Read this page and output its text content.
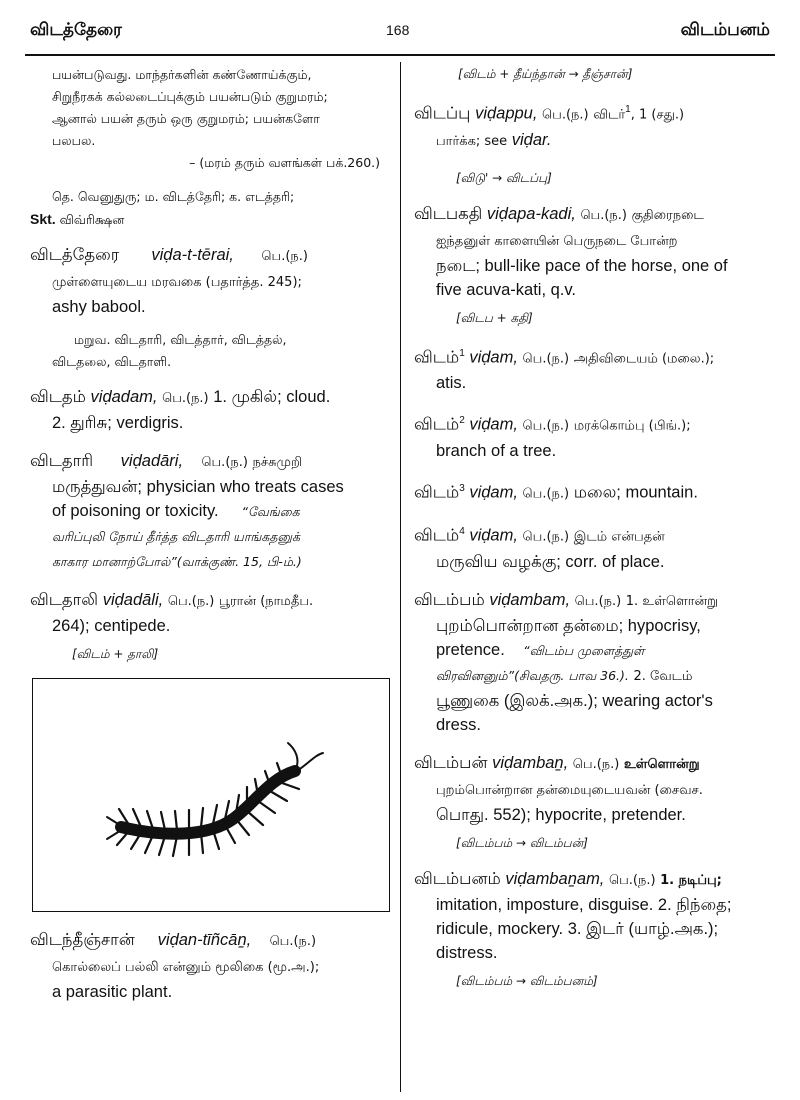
விடத்தேரை	168	விடம்பனம்
பயன்படுவது. மாந்தர்களின் கண்ணோய்க்கும்,
சிறுநீரகக் கல்லடைப்புக்கும் பயன்படும் குறுமரம்;
ஆனால் பயன் தரும் ஒரு குறுமரம்; பயன்களோ
பலபல.
– (மரம் தரும் வளங்கள் பக்.260.)
தெ. வெனுதுரு; ம. விடத்தேரி; க. எடத்தரி;
Skt. விவ்ரிக்ஷன
விடத்தேரை viḍa-t-tērai, பெ.(ந.)
முள்ளையுடைய மரவகை (பதார்த்த. 245);
ashy babool.
மறுவ. விடதாரி, விடத்தார், விடத்தல்,
விடதலை, விடதாளி.
விடதம் viḍadam, பெ.(ந.) 1. முகில்; cloud.
2. துரிசு; verdigris.
விடதாரி viḍadāri, பெ.(ந.) நச்சுமுறி
மருத்துவன்; physician who treats cases
of poisoning or toxicity. “வேங்கை
வரிப்புலி நோய் தீர்த்த விடதாரி யாங்கதனுக்
காகார மானாற்போல்”(வாக்குண். 15, பி-ம்.)
விடதாலி viḍadāli, பெ.(ந.) பூரான் (நாமதீப.
264); centipede.
[விடம் + தாலி]
விடந்தீஞ்சான் viḍan-tīñcāṉ, பெ.(ந.)
கொல்லைப் பல்லி என்னும் மூலிகை (மூ.அ.);
a parasitic plant.
[விடம் + தீய்ந்தான் → தீஞ்சான்]
விடப்பு viḍappu, பெ.(ந.) விடர்$^1$, 1 (சது.)
பார்க்க; see viḍar.
[விடு' → விடப்பு]
விடபகதி viḍapa-kadi, பெ.(ந.) குதிரைநடை
ஐந்தனுள் காளையின் பெருநடை போன்ற
நடை; bull-like pace of the horse, one of
five acuva-kati, q.v.
[விடப + கதி]
விடம்$^1$ viḍam, பெ.(ந.) அதிவிடையம் (மலை.);
atis.
விடம்$^2$ viḍam, பெ.(ந.) மரக்கொம்பு (பிங்.);
branch of a tree.
விடம்$^3$ viḍam, பெ.(ந.) மலை; mountain.
விடம்$^4$ viḍam, பெ.(ந.) இடம் என்பதன்
மருவிய வழக்கு; corr. of place.
விடம்பம் viḍambam, பெ.(ந.) 1. உள்ளொன்று
புறம்பொன்றான தன்மை; hypocrisy,
pretence. “விடம்ப முளைத்துள்
விரவினனும்”(சிவதரு. பாவ 36.). 2. வேடம்
பூணுகை (இலக்.அக.); wearing actor's
dress.
விடம்பன் viḍambaṉ, பெ.(ந.) உள்ளொன்று
புறம்பொன்றான தன்மையுடையவன் (சைவச.
பொது. 552); hypocrite, pretender.
[விடம்பம் → விடம்பன்]
விடம்பனம் viḍambaṉam, பெ.(ந.) 1. நடிப்பு;
imitation, imposture, disguise. 2. நிந்தை;
ridicule, mockery. 3. இடர் (யாழ்.அக.);
distress.
[விடம்பம் → விடம்பனம்]
